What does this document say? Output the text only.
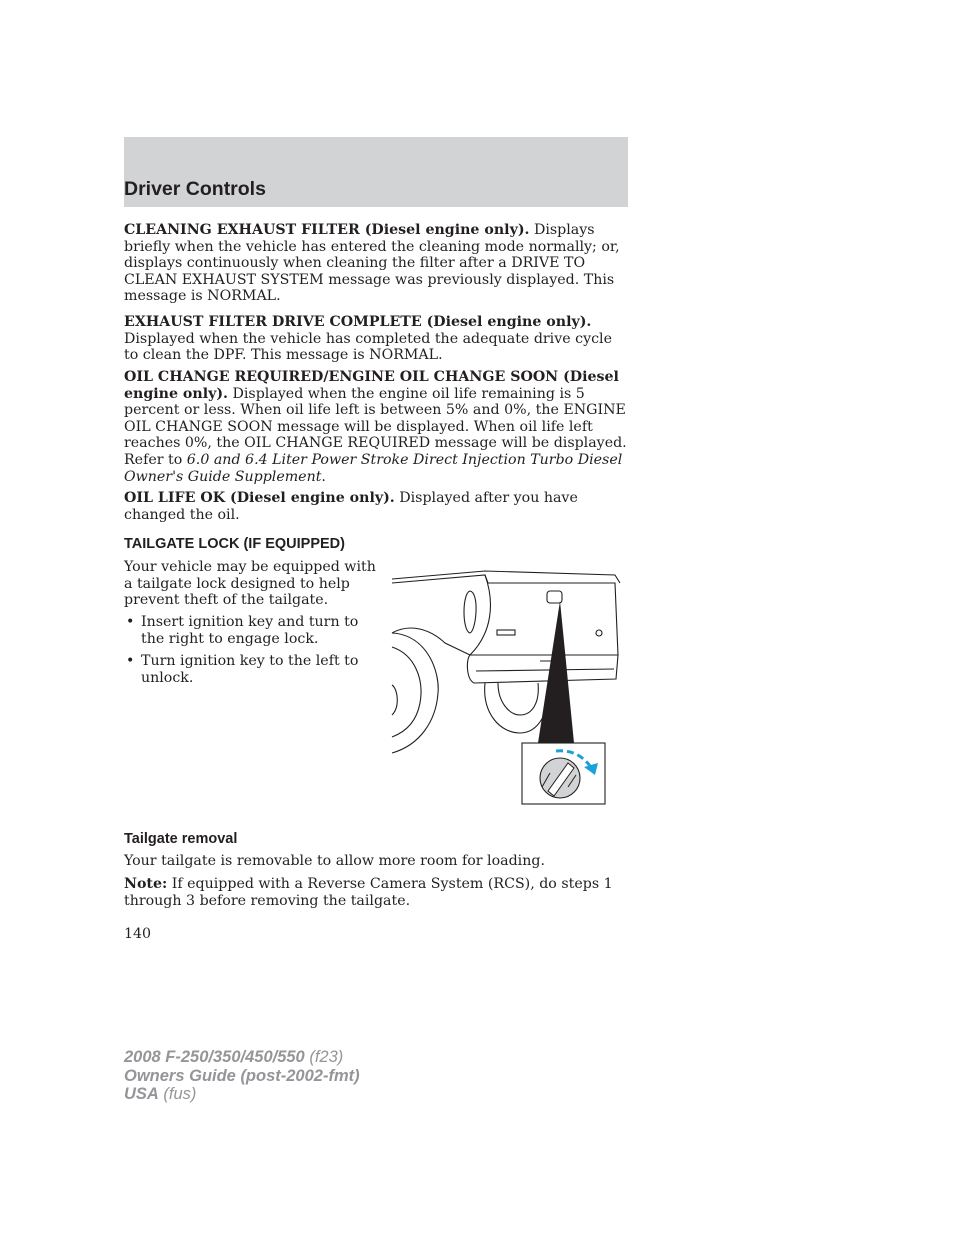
Driver Controls

CLEANING EXHAUST FILTER (Diesel engine only). Displays briefly when the vehicle has entered the cleaning mode normally; or, displays continuously when cleaning the filter after a DRIVE TO CLEAN EXHAUST SYSTEM message was previously displayed. This message is NORMAL.

EXHAUST FILTER DRIVE COMPLETE (Diesel engine only). Displayed when the vehicle has completed the adequate drive cycle to clean the DPF. This message is NORMAL.

OIL CHANGE REQUIRED/ENGINE OIL CHANGE SOON (Diesel engine only). Displayed when the engine oil life remaining is 5 percent or less. When oil life left is between 5% and 0%, the ENGINE OIL CHANGE SOON message will be displayed. When oil life left reaches 0%, the OIL CHANGE REQUIRED message will be displayed. Refer to 6.0 and 6.4 Liter Power Stroke Direct Injection Turbo Diesel Owner's Guide Supplement.

OIL LIFE OK (Diesel engine only). Displayed after you have changed the oil.

TAILGATE LOCK (IF EQUIPPED)

Your vehicle may be equipped with a tailgate lock designed to help prevent theft of the tailgate.

• Insert ignition key and turn to the right to engage lock.
• Turn ignition key to the left to unlock.
Tailgate removal

Your tailgate is removable to allow more room for loading.

Note: If equipped with a Reverse Camera System (RCS), do steps 1 through 3 before removing the tailgate.

140
2008 F-250/350/450/550 (f23)
Owners Guide (post-2002-fmt)
USA (fus)
